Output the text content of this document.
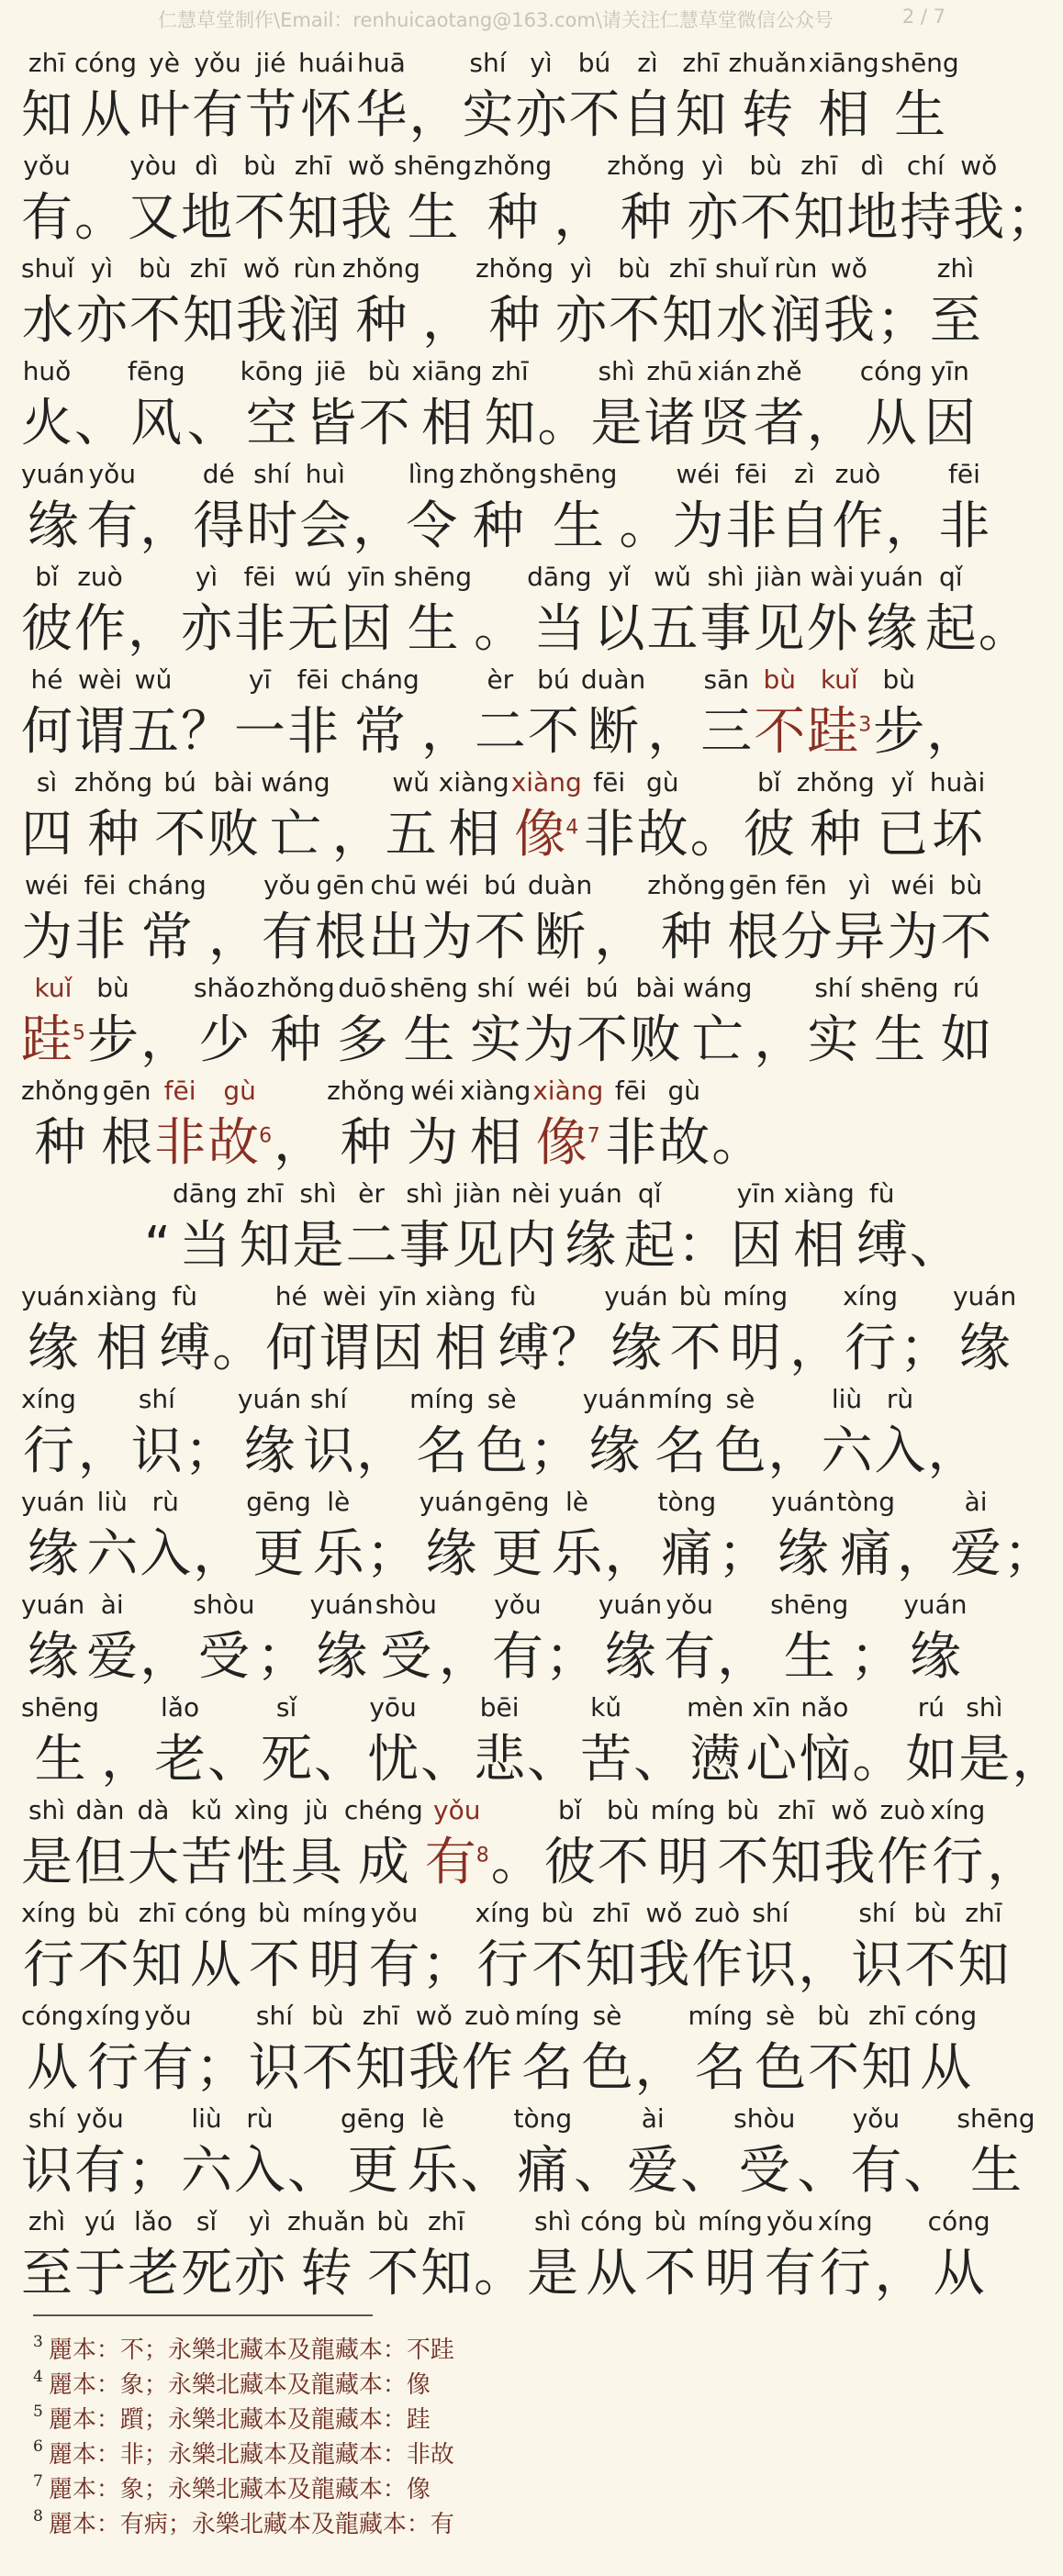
仁慧草堂制作\Email：renhuicaotang@163.com\请关注仁慧草堂微信公众号	2 / 7
知
zhī
从
cóng
叶
yè
有
yǒu
节
jié
怀
huái
华
huā
，
实
shí
亦
yì
不
bú
自
zì
知
zhī
转
zhuǎn
相
xiāng
生
shēng
有
yǒu
。
又
yòu
地
dì
不
bù
知
zhī
我
wǒ
生
shēng
种
zhǒng
，
种
zhǒng
亦
yì
不
bù
知
zhī
地
dì
持
chí
我
wǒ
；

水
shuǐ
亦
yì
不
bù
知
zhī
我
wǒ
润
rùn
种
zhǒng
，
种
zhǒng
亦
yì
不
bù
知
zhī
水
shuǐ
润
rùn
我
wǒ
；
至
zhì
火
huǒ
、
风
fēng
、
空
kōng
皆
jiē
不
bù
相
xiāng
知
zhī
。
是
shì
诸
zhū
贤
xián
者
zhě
，
从
cóng
因
yīn
缘
yuán
有
yǒu
，
得
dé
时
shí
会
huì
，
令
lìng
种
zhǒng
生
shēng
。
为
wéi
非
fēi
自
zì
作
zuò
，
非
fēi
彼
bǐ
作
zuò
，
亦
yì
非
fēi
无
wú
因
yīn
生
shēng
。
当
dāng
以
yǐ
五
wǔ
事
shì
见
jiàn
外
wài
缘
yuán
起
qǐ
。

何
hé
谓
wèi
五
wǔ
？
一
yī
非
fēi
常
cháng
，
二
èr
不
bú
断
duàn
，
三
sān
不
bù
跬$^3$
kuǐ
步
bù
，

四
sì
种
zhǒng
不
bú
败
bài
亡
wáng
，
五
wǔ
相
xiàng
像$^4$
xiàng
非
fēi
故
gù
。
彼
bǐ
种
zhǒng
已
yǐ
坏
huài
为
wéi
非
fēi
常
cháng
，
有
yǒu
根
gēn
出
chū
为
wéi
不
bú
断
duàn
，
种
zhǒng
根
gēn
分
fēn
异
yì
为
wéi
不
bù
跬$^5$
kuǐ
步
bù
，
少
shǎo
种
zhǒng
多
duō
生
shēng
实
shí
为
wéi
不
bú
败
bài
亡
wáng
，
实
shí
生
shēng
如
rú
种
zhǒng
根
gēn
非
fēi
故$^6$
gù
，
种
zhǒng
为
wéi
相
xiàng
像$^7$
xiàng
非
fēi
故
gù
。

“
当
dāng
知
zhī
是
shì
二
èr
事
shì
见
jiàn
内
nèi
缘
yuán
起
qǐ
：
因
yīn
相
xiàng
缚
fù
、

缘
yuán
相
xiàng
缚
fù
。
何
hé
谓
wèi
因
yīn
相
xiàng
缚
fù
？
缘
yuán
不
bù
明
míng
，
行
xíng
；
缘
yuán
行
xíng
，
识
shí
；
缘
yuán
识
shí
，
名
míng
色
sè
；
缘
yuán
名
míng
色
sè
，
六
liù
入
rù
，

缘
yuán
六
liù
入
rù
，
更
gēng
乐
lè
；
缘
yuán
更
gēng
乐
lè
，
痛
tòng
；
缘
yuán
痛
tòng
，
爱
ài
；

缘
yuán
爱
ài
，
受
shòu
；
缘
yuán
受
shòu
，
有
yǒu
；
缘
yuán
有
yǒu
，
生
shēng
；
缘
yuán
生
shēng
，
老
lǎo
、
死
sǐ
、
忧
yōu
、
悲
bēi
、
苦
kǔ
、
懑
mèn
心
xīn
恼
nǎo
。
如
rú
是
shì
，

是
shì
但
dàn
大
dà
苦
kǔ
性
xìng
具
jù
成
chéng
有$^8$
yǒu
。
彼
bǐ
不
bù
明
míng
不
bù
知
zhī
我
wǒ
作
zuò
行
xíng
，

行
xíng
不
bù
知
zhī
从
cóng
不
bù
明
míng
有
yǒu
；
行
xíng
不
bù
知
zhī
我
wǒ
作
zuò
识
shí
，
识
shí
不
bù
知
zhī
从
cóng
行
xíng
有
yǒu
；
识
shí
不
bù
知
zhī
我
wǒ
作
zuò
名
míng
色
sè
，
名
míng
色
sè
不
bù
知
zhī
从
cóng
识
shí
有
yǒu
；
六
liù
入
rù
、
更
gēng
乐
lè
、
痛
tòng
、
爱
ài
、
受
shòu
、
有
yǒu
、
生
shēng
至
zhì
于
yú
老
lǎo
死
sǐ
亦
yì
转
zhuǎn
不
bù
知
zhī
。
是
shì
从
cóng
不
bù
明
míng
有
yǒu
行
xíng
，
从
cóng
$^3$ 麗本：不；永樂北藏本及龍藏本：不跬
$^4$ 麗本：象；永樂北藏本及龍藏本：像
$^5$ 麗本：躓；永樂北藏本及龍藏本：跬
$^6$ 麗本：非；永樂北藏本及龍藏本：非故
$^7$ 麗本：象；永樂北藏本及龍藏本：像
$^8$ 麗本：有病；永樂北藏本及龍藏本：有
